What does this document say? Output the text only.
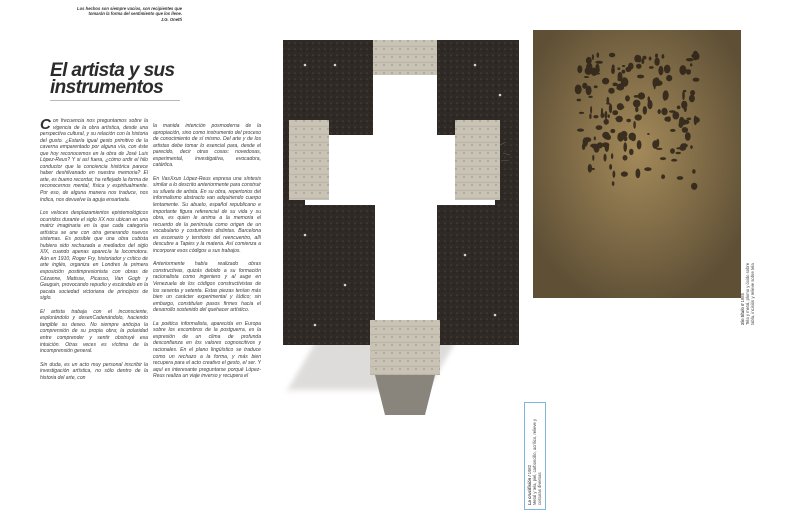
Los hechos son siempre vacíos, son recipientes que tomarán la forma del sentimiento que los llene.
J.G. Onetti
El artista y sus instrumentos

Con frecuencia nos preguntamos sobre la vigencia de la obra artística, desde una perspectiva cultural, y su relación con la historia del gusto. ¿Estaría igual gesto primitivo de la caverna emparentado por alguna vía, con éste que hoy reconocemos en la obra de José Luis López-Reus? Y si así fuera, ¿cómo urdir el hilo conductor que la conciencia histórica parece haber deshilvanado en nuestra memoria? El arte, es bueno recordar, ha reflejado la forma de reconocernos mental, física y espiritualmente. Por eso, de alguna manera nos traduce, nos indica, nos devuelve la aguja ensartada.

Los veloces desplazamientos epistemológicos ocurridos durante el siglo XX nos ubican en una matriz imaginaria en la que cada categoría artística se une con otra generando nuevos sistemas. Es posible que una obra cubista hubiera sido rechazada a mediados del siglo XIX, cuando apenas aparecía la locomotora. Aún en 1910, Roger Fry, historiador y crítico de arte inglés, organiza en Londres la primera exposición postimpresionista con obras de Cézanne, Matisse, Picasso, Van Gogh y Gauguin, provocando repudio y escándalo en la pacata sociedad victoriana de principios de siglo.

El artista trabaja con el inconsciente, explorándolo y desenCadenándolo, haciendo tangible su deseo. No siempre anticipa la comprensión de su propia obra; la polaridad entre comprender y sentir obstruyé esa intuición. Otras veces es víctima de la incomprensión general.

Sin duda, es un acto muy personal inscribir la investigación artística, no sólo dentro de la historia del arte, con

la manida intención posmoderna de la apropiación, sino como instrumento del proceso de conocimiento de sí mismo. Del arte y de los artistas debe tomar lo esencial para, desde el parecido, decir otras cosas: novedosas, experimental, investigativa, evocadora, catártica.

En VasXxus López-Reus expresa una síntesis similar a lo descrito anteriormente para construir su silueta de artista. En su obra, repertorios del informalismo abstracto van adquiriendo cuerpo lentamente. Su abuelo, español republicano e importante figura referencial de su vida y su obra, es quien le arrima a la memoria el recuerdo de la península como origen de un vocabulario y costumbres distintas. Barcelona es escenario y territorio del reencuentro, allí descubre a Tapies y la materia. Así comienza a incorporar esos códigos a sus trabajos.

Anteriormente había realizado obras constructivas, quizás debido a su formación racionalista como ingeniero y al auge en Venezuela de los códigos constructivistas de los sesenta y setenta. Estas piezas tenían más bien un carácter experimental y lúdico; sin embargo, constituían pasos firmes hacia el desarrollo sostenido del quehacer artístico.

La poética informalista, aparecida en Europa sobre los escombros de la postguerra, es la expresión de un clima de profunda desconfianza en los valores cognoscitivos y racionales. En el plano lingüístico se traduce como un rechazo a la forma, y más bien recupera para el acto creativo el gesto, el ser. Y aquí es interesante preguntarse porqué López-Reus realiza un viaje inverso y recupera el

La crucifixión I 1982
Metal y tela, piel, carboncillo, acrílico, relieve y costuras diversas
Sin título II 1985
Tela y metal, plomo y óxido sobre tabla, incisión y relieve sobre tela
